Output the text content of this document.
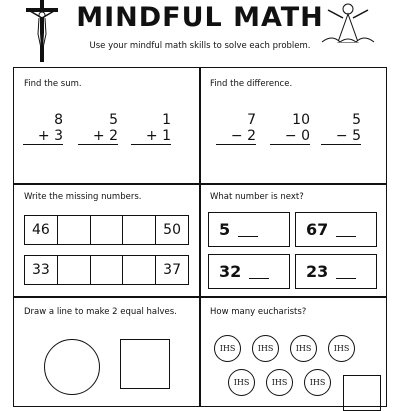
MINDFUL MATH
Use your mindful math skills to solve each problem.
Find the sum.
8
+ 3
5
+ 2
1
+ 1
Find the difference.
7
− 2
10
− 0
5
− 5
Write the missing numbers.
46	50
33	37
What number is next?
5	67
32	23
Draw a line to make 2 equal halves.	How many eucharists?
IHS	IHS	IHS	IHS
IHS	IHS	IHS
